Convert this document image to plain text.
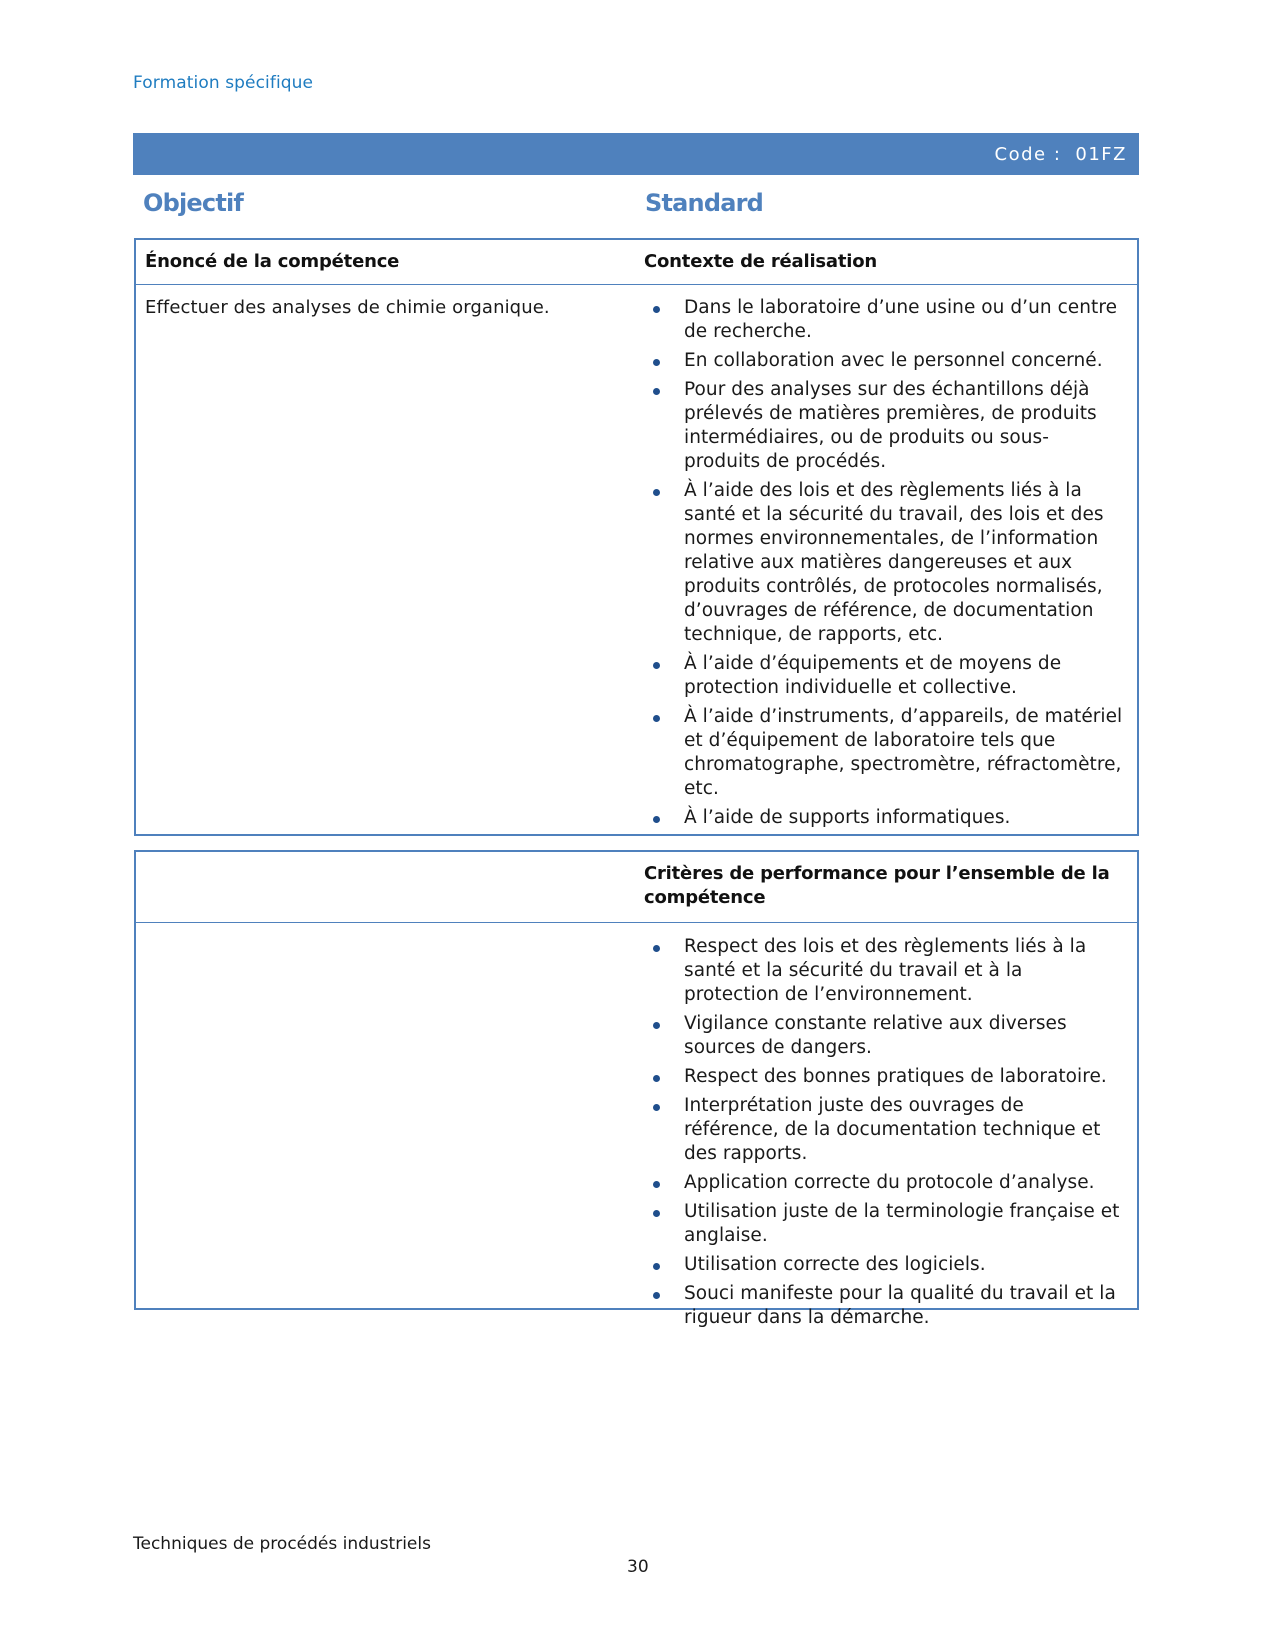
Formation spécifique
Code : 01FZ
Objectif	Standard
Énoncé de la compétence	Contexte de réalisation
Effectuer des analyses de chimie organique.	Dans le laboratoire d’une usine ou d’un centre de recherche.
En collaboration avec le personnel concerné.
Pour des analyses sur des échantillons déjà prélevés de matières premières, de produits intermédiaires, ou de produits ou sous-produits de procédés.
À l’aide des lois et des règlements liés à la santé et la sécurité du travail, des lois et des normes environnementales, de l’information relative aux matières dangereuses et aux produits contrôlés, de protocoles normalisés, d’ouvrages de référence, de documentation technique, de rapports, etc.
À l’aide d’équipements et de moyens de protection individuelle et collective.
À l’aide d’instruments, d’appareils, de matériel et d’équipement de laboratoire tels que chromatographe, spectromètre, réfractomètre, etc.
À l’aide de supports informatiques.
Critères de performance pour l’ensemble de la compétence
Respect des lois et des règlements liés à la santé et la sécurité du travail et à la protection de l’environnement.
Vigilance constante relative aux diverses sources de dangers.
Respect des bonnes pratiques de laboratoire.
Interprétation juste des ouvrages de référence, de la documentation technique et des rapports.
Application correcte du protocole d’analyse.
Utilisation juste de la terminologie française et anglaise.
Utilisation correcte des logiciels.
Souci manifeste pour la qualité du travail et la rigueur dans la démarche.
Techniques de procédés industriels
30
